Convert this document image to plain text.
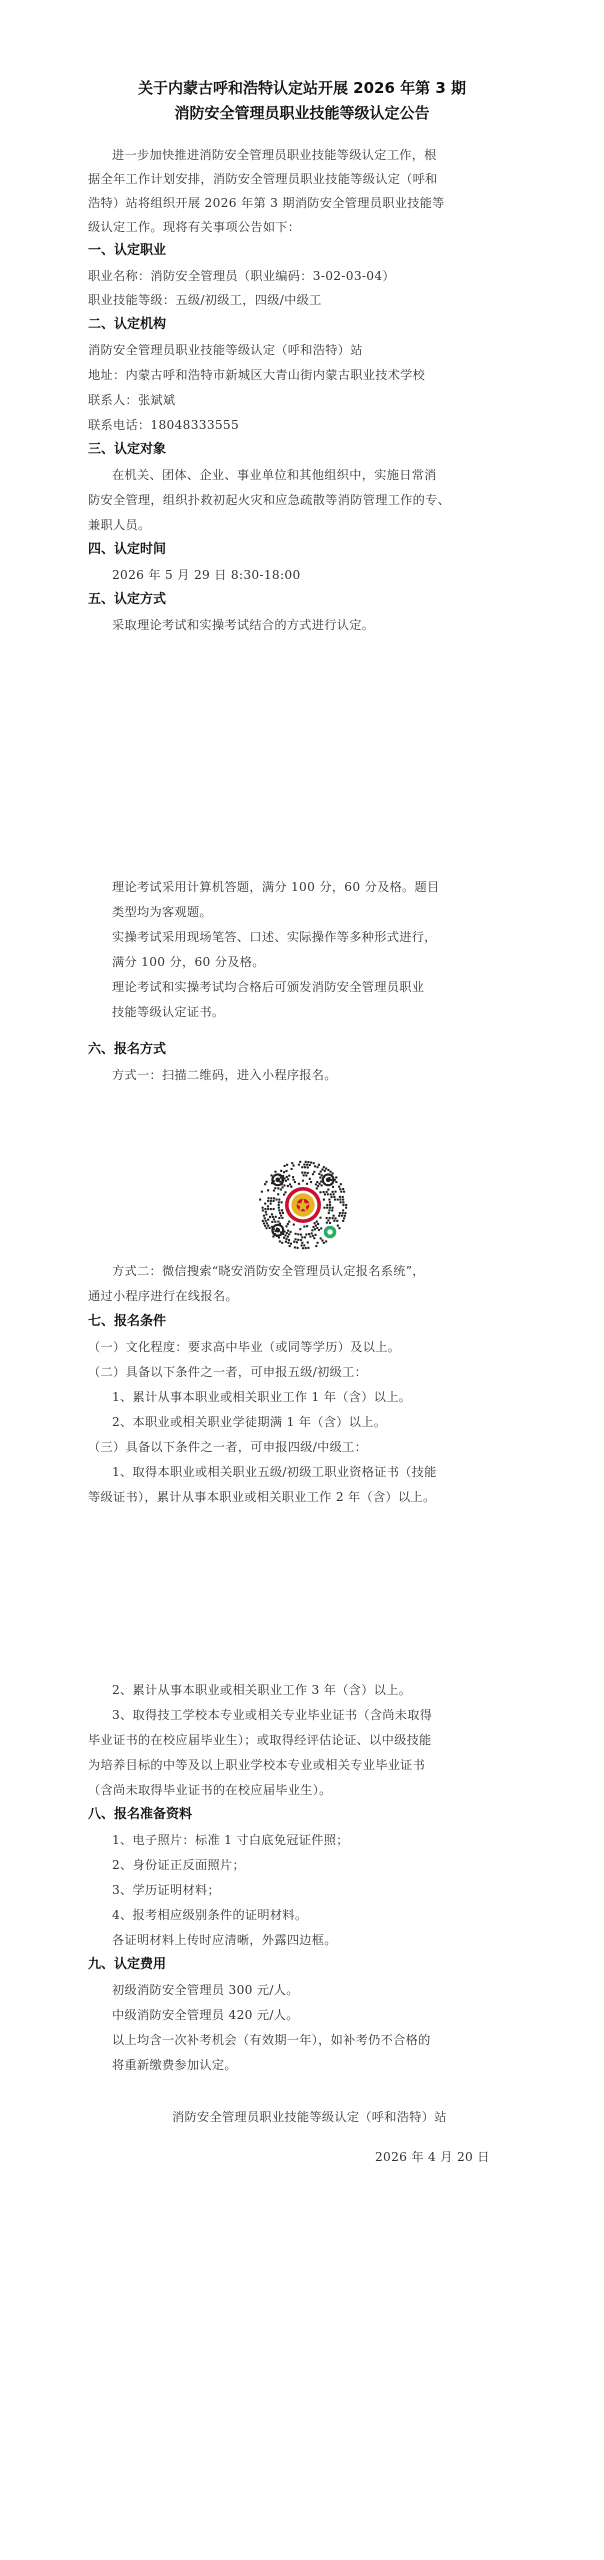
关于内蒙古呼和浩特认定站开展 2026 年第 3 期
消防安全管理员职业技能等级认定公告
进一步加快推进消防安全管理员职业技能等级认定工作，根
据全年工作计划安排，消防安全管理员职业技能等级认定（呼和
浩特）站将组织开展 2026 年第 3 期消防安全管理员职业技能等
级认定工作。现将有关事项公告如下：
一、认定职业
职业名称：消防安全管理员（职业编码：3-02-03-04）
职业技能等级：五级/初级工，四级/中级工
二、认定机构
消防安全管理员职业技能等级认定（呼和浩特）站
地址：内蒙古呼和浩特市新城区大青山街内蒙古职业技术学校
联系人：张斌斌
联系电话：18048333555
三、认定对象
在机关、团体、企业、事业单位和其他组织中，实施日常消
防安全管理，组织扑救初起火灾和应急疏散等消防管理工作的专、
兼职人员。
四、认定时间
2026 年 5 月 29 日 8:30-18:00
五、认定方式
采取理论考试和实操考试结合的方式进行认定。
理论考试采用计算机答题，满分 100 分，60 分及格。题目
类型均为客观题。
实操考试采用现场笔答、口述、实际操作等多种形式进行，
满分 100 分，60 分及格。
理论考试和实操考试均合格后可颁发消防安全管理员职业
技能等级认定证书。
六、报名方式
方式一：扫描二维码，进入小程序报名。
方式二：微信搜索“晓安消防安全管理员认定报名系统”，
通过小程序进行在线报名。
七、报名条件
（一）文化程度：要求高中毕业（或同等学历）及以上。
（二）具备以下条件之一者，可申报五级/初级工：
1、累计从事本职业或相关职业工作 1 年（含）以上。
2、本职业或相关职业学徒期满 1 年（含）以上。
（三）具备以下条件之一者，可申报四级/中级工：
1、取得本职业或相关职业五级/初级工职业资格证书（技能
等级证书），累计从事本职业或相关职业工作 2 年（含）以上。
2、累计从事本职业或相关职业工作 3 年（含）以上。
3、取得技工学校本专业或相关专业毕业证书（含尚未取得
毕业证书的在校应届毕业生）；或取得经评估论证、以中级技能
为培养目标的中等及以上职业学校本专业或相关专业毕业证书
（含尚未取得毕业证书的在校应届毕业生）。
八、报名准备资料
1、电子照片：标准 1 寸白底免冠证件照；
2、身份证正反面照片；
3、学历证明材料；
4、报考相应级别条件的证明材料。
各证明材料上传时应清晰，外露四边框。
九、认定费用
初级消防安全管理员 300 元/人。
中级消防安全管理员 420 元/人。
以上均含一次补考机会（有效期一年），如补考仍不合格的
将重新缴费参加认定。
消防安全管理员职业技能等级认定（呼和浩特）站
2026 年 4 月 20 日
